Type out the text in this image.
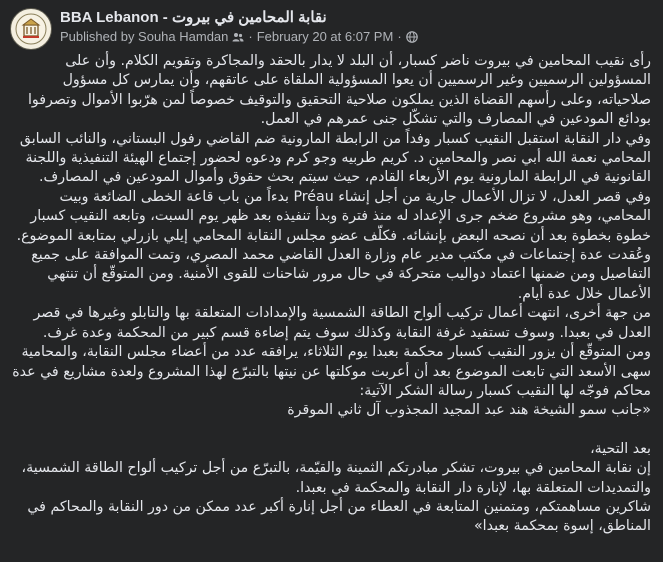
BBA Lebanon - نقابة المحامين في بيروت
Published by Souha Hamdan · February 20 at 6:07 PM ·

رأى نقيب المحامين في بيروت ناضر كسبار، أن البلد لا يدار بالحقد والمجاكرة وتقويم الكلام. وأن على المسؤولين الرسميين وغير الرسميين أن يعوا المسؤولية الملقاة على عاتقهم، وأن يمارس كل مسؤول صلاحياته، وعلى رأسهم القضاة الذين يملكون صلاحية التحقيق والتوقيف خصوصاً لمن هرّبوا الأموال وتصرفوا بودائع المودعين في المصارف والتي تشكّل جنى عمرهم في العمل.

وفي دار النقابة استقبل النقيب كسبار وفداً من الرابطة المارونية ضم القاضي رفول البستاني، والنائب السابق المحامي نعمة الله أبي نصر والمحامين د. كريم طربيه وجو كرم ودعوه لحضور إجتماع الهيئة التنفيذية واللجنة القانونية في الرابطة المارونية يوم الأربعاء القادم، حيث سيتم بحث حقوق وأموال المودعين في المصارف.

وفي قصر العدل، لا تزال الأعمال جارية من أجل إنشاء Préau بدءاً من باب قاعة الخطى الضائعة وبيت المحامي، وهو مشروع ضخم جرى الإعداد له منذ فترة وبدأ تنفيذه بعد ظهر يوم السبت، وتابعه النقيب كسبار خطوة بخطوة بعد أن نصحه البعض بإنشائه. فكلّف عضو مجلس النقابة المحامي إيلي بازرلي بمتابعة الموضوع. وعُقدت عدة إجتماعات في مكتب مدير عام وزارة العدل القاضي محمد المصري، وتمت الموافقة على جميع التفاصيل ومن ضمنها اعتماد دواليب متحركة في حال مرور شاحنات للقوى الأمنية. ومن المتوقّع أن تنتهي الأعمال خلال عدة أيام.

من جهة أخرى، انتهت أعمال تركيب ألواح الطاقة الشمسية والإمدادات المتعلقة بها والتابلو وغيرها في قصر العدل في بعبدا. وسوف تستفيد غرفة النقابة وكذلك سوف يتم إضاءة قسم كبير من المحكمة وعدة غرف.

ومن المتوقّع أن يزور النقيب كسبار محكمة بعبدا يوم الثلاثاء، يرافقه عدد من أعضاء مجلس النقابة، والمحامية سهى الأسعد التي تابعت الموضوع بعد أن أعربت موكلتها عن نيتها بالتبرّع لهذا المشروع ولعدة مشاريع في عدة محاكم فوجّه لها النقيب كسبار رسالة الشكر الآتية:

«جانب سمو الشيخة هند عبد المجيد المجذوب آل ثاني الموقرة

بعد التحية،

إن نقابة المحامين في بيروت، تشكر مبادرتكم الثمينة والقيّمة، بالتبرّع من أجل تركيب ألواح الطاقة الشمسية، والتمديدات المتعلقة بها، لإنارة دار النقابة والمحكمة في بعبدا.

شاكرين مساهمتكم، ومتمنين المتابعة في العطاء من أجل إنارة أكبر عدد ممكن من دور النقابة والمحاكم في المناطق، إسوة بمحكمة بعبدا»
